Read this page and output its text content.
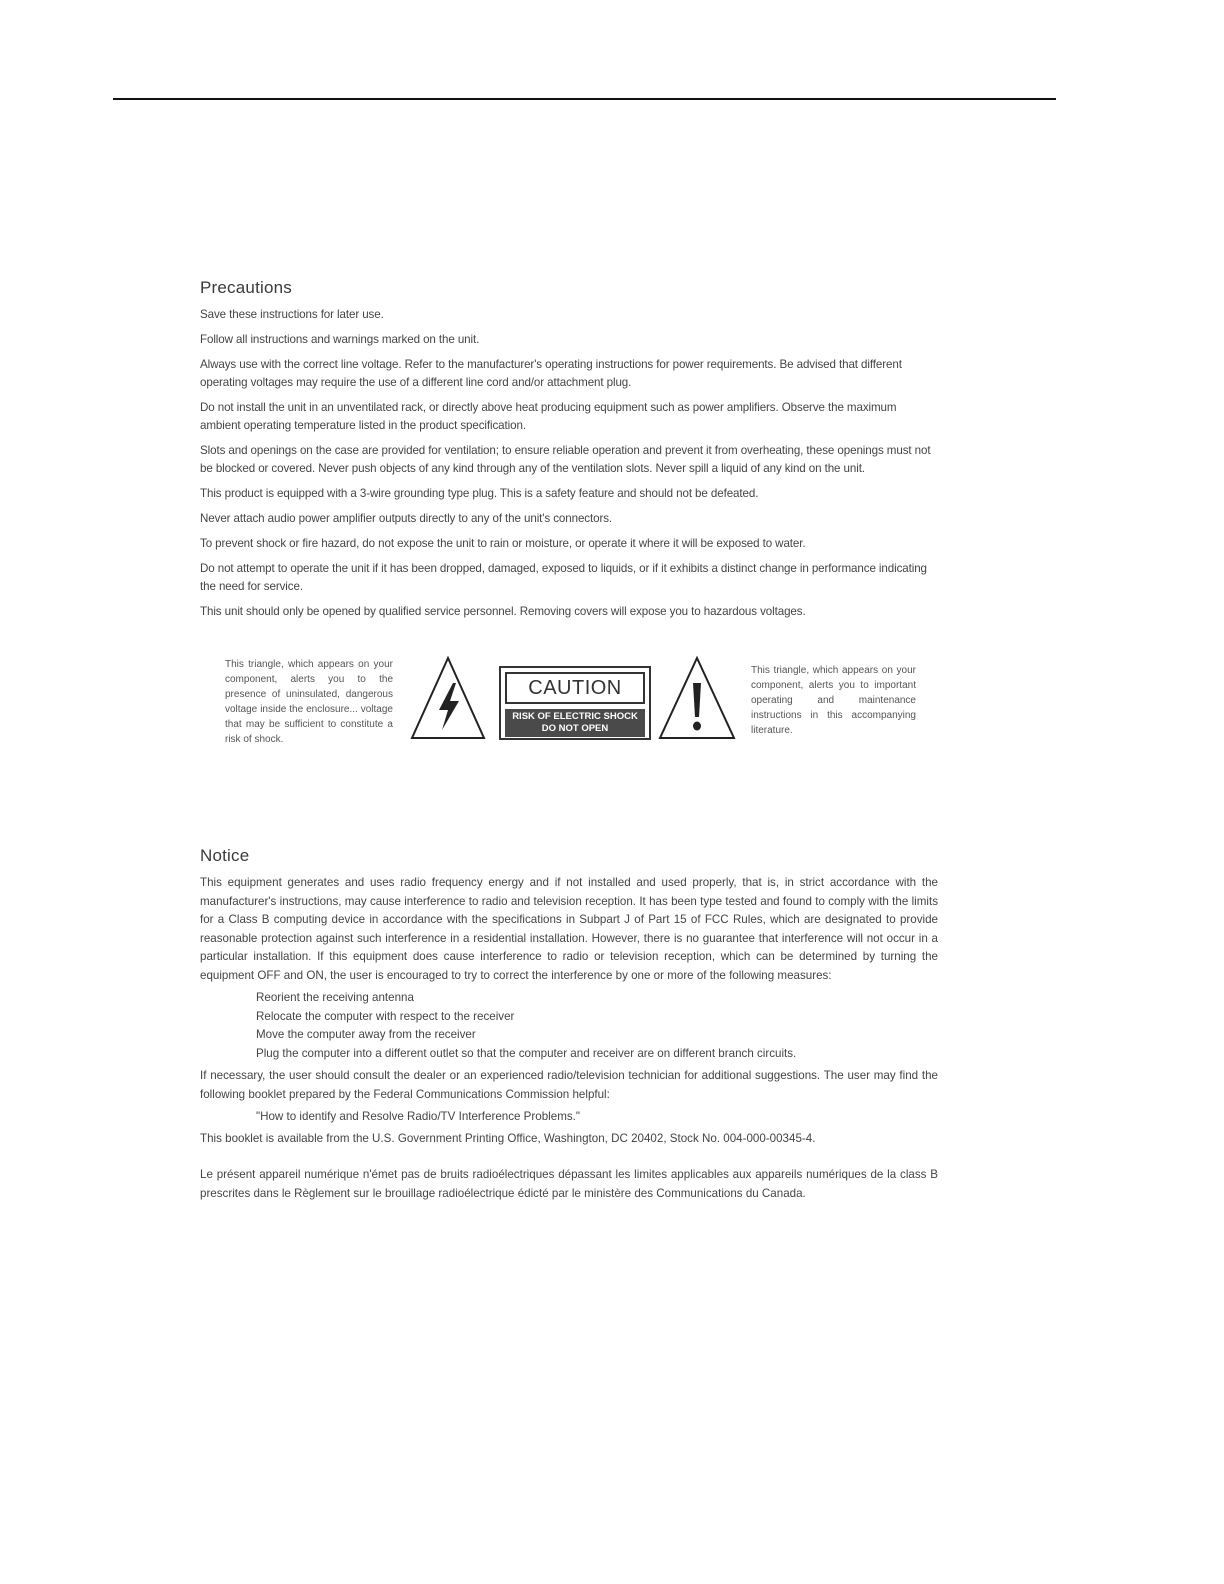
Precautions

Save these instructions for later use.

Follow all instructions and warnings marked on the unit.

Always use with the correct line voltage. Refer to the manufacturer's operating instructions for power requirements. Be advised that different operating voltages may require the use of a different line cord and/or attachment plug.

Do not install the unit in an unventilated rack, or directly above heat producing equipment such as power amplifiers. Observe the maximum ambient operating temperature listed in the product specification.

Slots and openings on the case are provided for ventilation; to ensure reliable operation and prevent it from overheating, these openings must not be blocked or covered. Never push objects of any kind through any of the ventilation slots. Never spill a liquid of any kind on the unit.

This product is equipped with a 3-wire grounding type plug. This is a safety feature and should not be defeated.

Never attach audio power amplifier outputs directly to any of the unit's connectors.

To prevent shock or fire hazard, do not expose the unit to rain or moisture, or operate it where it will be exposed to water.

Do not attempt to operate the unit if it has been dropped, damaged, exposed to liquids, or if it exhibits a distinct change in performance indicating the need for service.

This unit should only be opened by qualified service personnel. Removing covers will expose you to hazardous voltages.

This triangle, which appears on your component, alerts you to the presence of uninsulated, dangerous voltage inside the enclosure... voltage that may be sufficient to constitute a risk of shock.
CAUTION
RISK OF ELECTRIC SHOCK
DO NOT OPEN
This triangle, which appears on your component, alerts you to important operating and maintenance instructions in this accompanying literature.
Notice

This equipment generates and uses radio frequency energy and if not installed and used properly, that is, in strict accordance with the manufacturer's instructions, may cause interference to radio and television reception. It has been type tested and found to comply with the limits for a Class B computing device in accordance with the specifications in Subpart J of Part 15 of FCC Rules, which are designated to provide reasonable protection against such interference in a residential installation. However, there is no guarantee that interference will not occur in a particular installation. If this equipment does cause interference to radio or television reception, which can be determined by turning the equipment OFF and ON, the user is encouraged to try to correct the interference by one or more of the following measures:

Reorient the receiving antenna
Relocate the computer with respect to the receiver
Move the computer away from the receiver
Plug the computer into a different outlet so that the computer and receiver are on different branch circuits.

If necessary, the user should consult the dealer or an experienced radio/television technician for additional suggestions. The user may find the following booklet prepared by the Federal Communications Commission helpful:

"How to identify and Resolve Radio/TV Interference Problems."

This booklet is available from the U.S. Government Printing Office, Washington, DC 20402, Stock No. 004-000-00345-4.

Le présent appareil numérique n'émet pas de bruits radioélectriques dépassant les limites applicables aux appareils numériques de la class B prescrites dans le Règlement sur le brouillage radioélectrique édicté par le ministère des Communications du Canada.
